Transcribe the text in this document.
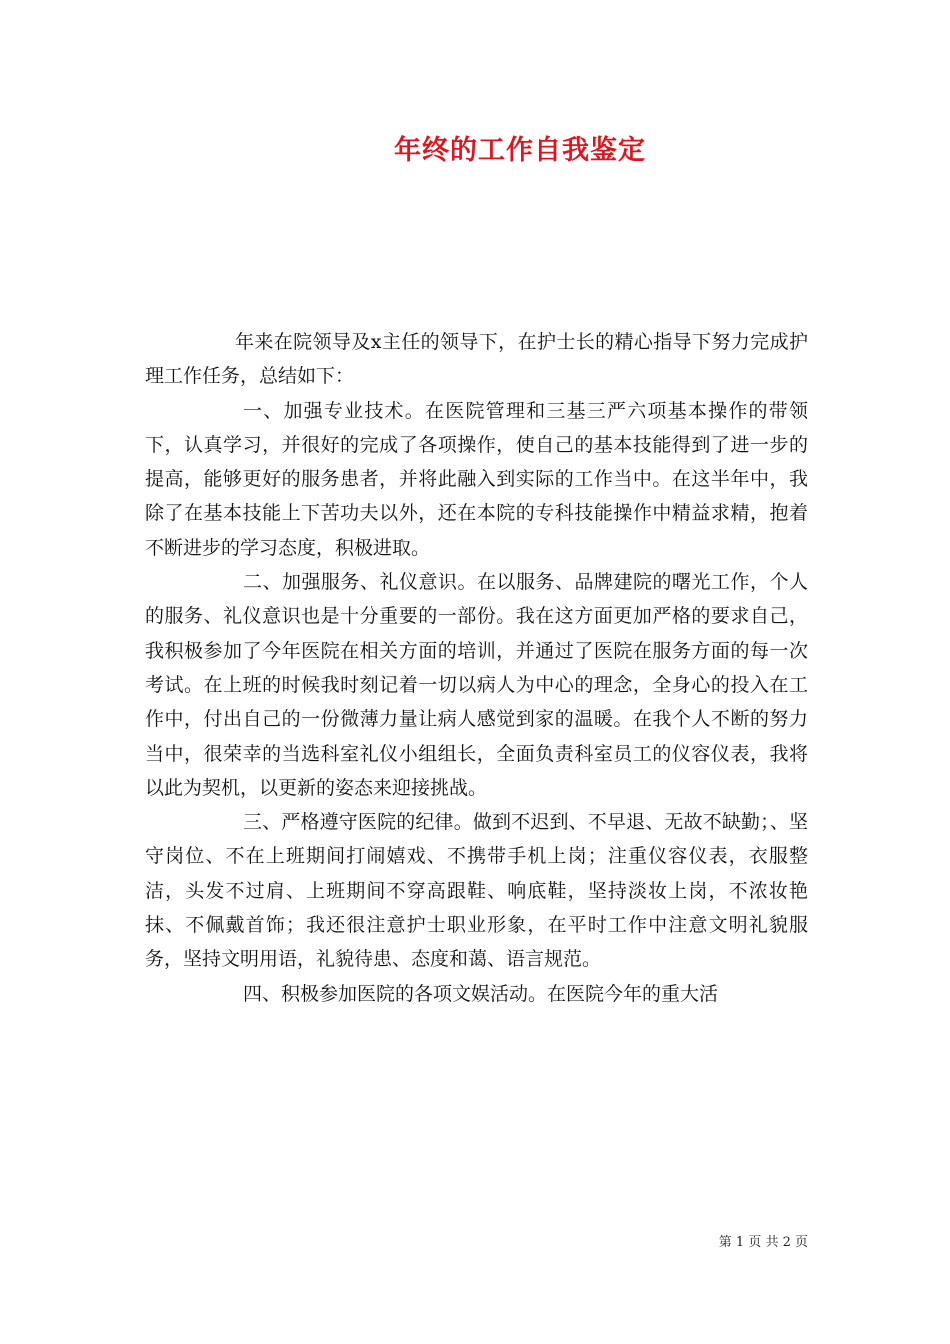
年终的工作自我鉴定

年来在院领导及x主任的领导下，在护士长的精心指导下努力完成护理工作任务，总结如下：

一、加强专业技术。在医院管理和三基三严六项基本操作的带领下，认真学习，并很好的完成了各项操作，使自己的基本技能得到了进一步的提高，能够更好的服务患者，并将此融入到实际的工作当中。在这半年中，我除了在基本技能上下苦功夫以外，还在本院的专科技能操作中精益求精，抱着不断进步的学习态度，积极进取。

二、加强服务、礼仪意识。在以服务、品牌建院的曙光工作，个人的服务、礼仪意识也是十分重要的一部份。我在这方面更加严格的要求自己，我积极参加了今年医院在相关方面的培训，并通过了医院在服务方面的每一次考试。在上班的时候我时刻记着一切以病人为中心的理念，全身心的投入在工作中，付出自己的一份微薄力量让病人感觉到家的温暖。在我个人不断的努力当中，很荣幸的当选科室礼仪小组组长，全面负责科室员工的仪容仪表，我将以此为契机，以更新的姿态来迎接挑战。

三、严格遵守医院的纪律。做到不迟到、不早退、无故不缺勤；、坚守岗位、不在上班期间打闹嬉戏、不携带手机上岗；注重仪容仪表，衣服整洁，头发不过肩、上班期间不穿高跟鞋、响底鞋，坚持淡妆上岗，不浓妆艳抹、不佩戴首饰；我还很注意护士职业形象，在平时工作中注意文明礼貌服务，坚持文明用语，礼貌待患、态度和蔼、语言规范。

四、积极参加医院的各项文娱活动。在医院今年的重大活

第 1 页 共 2 页
